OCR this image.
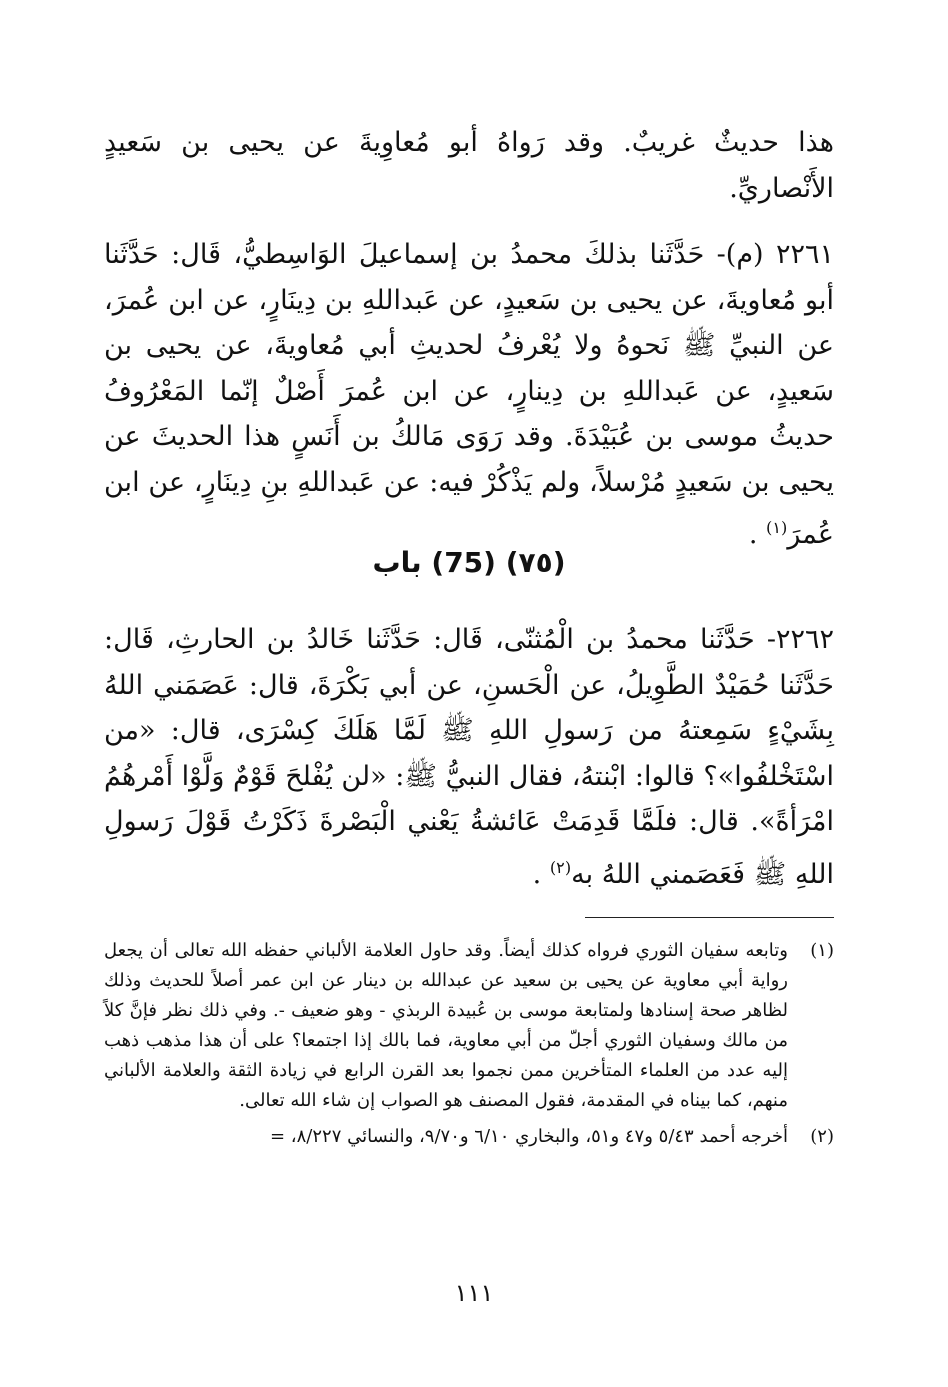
هذا حديثٌ غريبٌ. وقد رَواهُ أبو مُعاوِيةَ عن يحيى بن سَعيدٍ الأَنْصاريِّ.

٢٢٦١ (م)- حَدَّثَنا بذلكَ محمدُ بن إسماعيلَ الوَاسِطيُّ، قَال: حَدَّثَنا أبو مُعاويةَ، عن يحيى بن سَعيدٍ، عن عَبداللهِ بن دِينَارٍ، عن ابن عُمرَ، عن النبيِّ ﷺ نَحوهُ ولا يُعْرفُ لحديثِ أبي مُعاويةَ، عن يحيى بن سَعيدٍ، عن عَبداللهِ بن دِينارٍ، عن ابن عُمرَ أَصْلٌ إنّما المَعْرُوفُ حديثُ موسى بن عُبَيْدَةَ. وقد رَوَى مَالكُ بن أَنَسٍ هذا الحديثَ عن يحيى بن سَعيدٍ مُرْسلاً، ولم يَذْكُرْ فيه: عن عَبداللهِ بنِ دِينَارٍ، عن ابن عُمرَ$^{(١)}$ .

(٧٥) (75) باب

٢٢٦٢- حَدَّثَنا محمدُ بن الْمُثنّى، قَال: حَدَّثَنا خَالدُ بن الحارثِ، قَال: حَدَّثَنا حُمَيْدٌ الطَّوِيلُ، عن الْحَسنِ، عن أبي بَكْرَةَ، قال: عَصَمَني اللهُ بِشَيْءٍ سَمِعتهُ من رَسولِ اللهِ ﷺ لَمَّا هَلَكَ كِسْرَى، قال: «من اسْتَخْلفُوا»؟ قالوا: ابْنتهُ، فقال النبيُّ ﷺ: «لن يُفْلحَ قَوْمٌ وَلَّوْا أَمْرهُمُ امْرَأةً». قال: فلَمَّا قَدِمَتْ عَائشةُ يَعْني الْبَصْرةَ ذَكَرْتُ قَوْلَ رَسولِ اللهِ ﷺ فَعَصَمني اللهُ به$^{(٢)}$ .

(١)
وتابعه سفيان الثوري فرواه كذلك أيضاً. وقد حاول العلامة الألباني حفظه الله تعالى أن يجعل رواية أبي معاوية عن يحيى بن سعيد عن عبدالله بن دينار عن ابن عمر أصلاً للحديث وذلك لظاهر صحة إسنادها ولمتابعة موسى بن عُبيدة الربذي - وهو ضعيف -. وفي ذلك نظر فإنَّ كلاً من مالك وسفيان الثوري أجلّ من أبي معاوية، فما بالك إذا اجتمعا؟ على أن هذا مذهب ذهب إليه عدد من العلماء المتأخرين ممن نجموا بعد القرن الرابع في زيادة الثقة والعلامة الألباني منهم، كما بيناه في المقدمة، فقول المصنف هو الصواب إن شاء الله تعالى.
(٢)
أخرجه أحمد ٥/٤٣ و٤٧ و٥١، والبخاري ٦/١٠ و٩/٧٠، والنسائي ٨/٢٢٧، =
١١١
